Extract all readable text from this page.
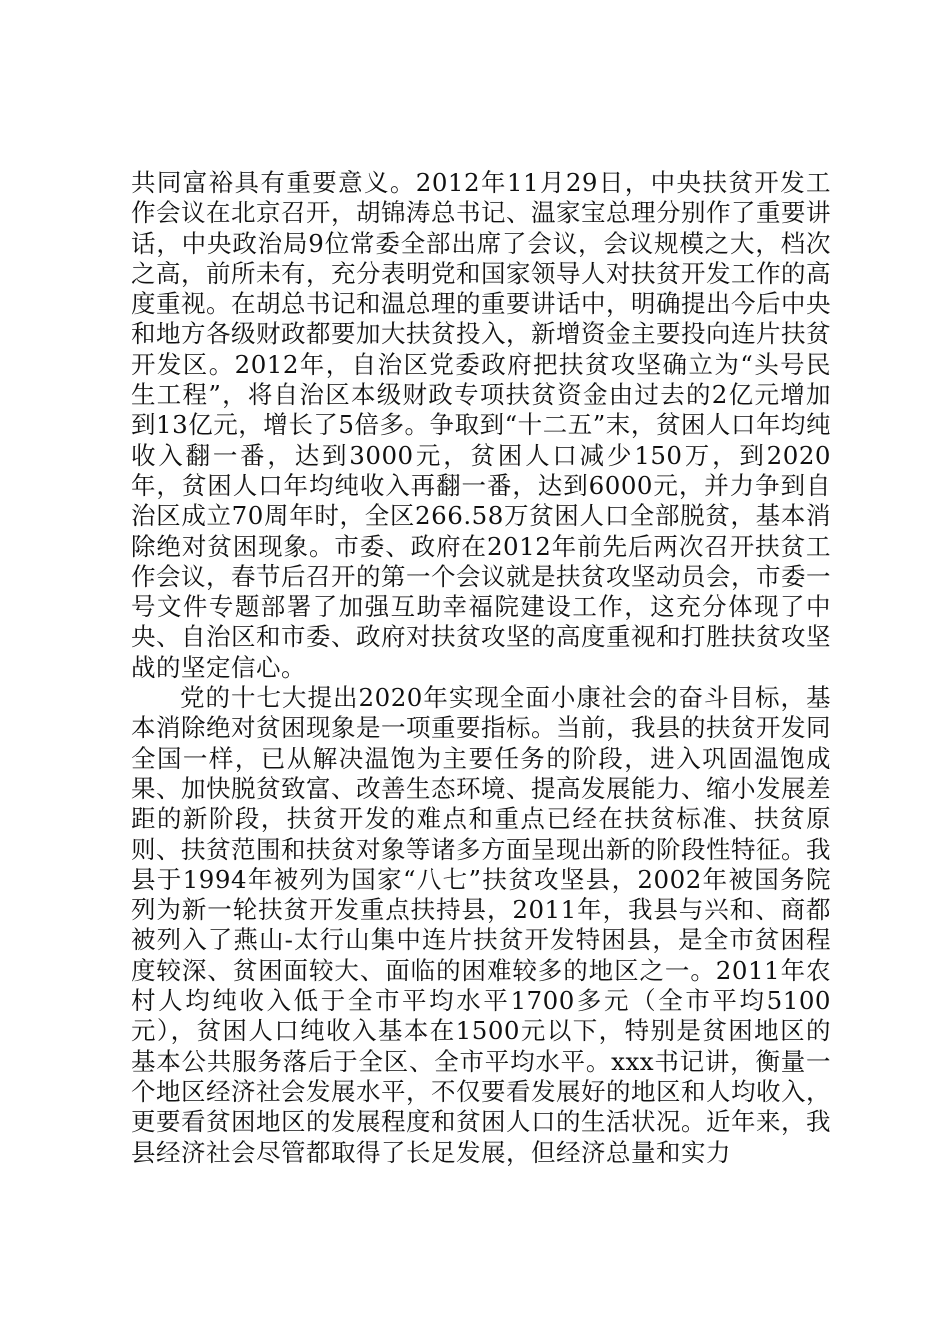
共同富裕具有重要意义。2012年11月29日，中央扶贫开发工作会议在北京召开，胡锦涛总书记、温家宝总理分别作了重要讲话，中央政治局9位常委全部出席了会议，会议规模之大，档次之高，前所未有，充分表明党和国家领导人对扶贫开发工作的高度重视。在胡总书记和温总理的重要讲话中，明确提出今后中央和地方各级财政都要加大扶贫投入，新增资金主要投向连片扶贫开发区。2012年，自治区党委政府把扶贫攻坚确立为“头号民生工程”，将自治区本级财政专项扶贫资金由过去的2亿元增加到13亿元，增长了5倍多。争取到“十二五”末，贫困人口年均纯收入翻一番，达到3000元，贫困人口减少150万，到2020年，贫困人口年均纯收入再翻一番，达到6000元，并力争到自治区成立70周年时，全区266.58万贫困人口全部脱贫，基本消除绝对贫困现象。市委、政府在2012年前先后两次召开扶贫工作会议，春节后召开的第一个会议就是扶贫攻坚动员会，市委一号文件专题部署了加强互助幸福院建设工作，这充分体现了中央、自治区和市委、政府对扶贫攻坚的高度重视和打胜扶贫攻坚战的坚定信心。

党的十七大提出2020年实现全面小康社会的奋斗目标，基本消除绝对贫困现象是一项重要指标。当前，我县的扶贫开发同全国一样，已从解决温饱为主要任务的阶段，进入巩固温饱成果、加快脱贫致富、改善生态环境、提高发展能力、缩小发展差距的新阶段，扶贫开发的难点和重点已经在扶贫标准、扶贫原则、扶贫范围和扶贫对象等诸多方面呈现出新的阶段性特征。我县于1994年被列为国家“八七”扶贫攻坚县，2002年被国务院列为新一轮扶贫开发重点扶持县，2011年，我县与兴和、商都被列入了燕山-太行山集中连片扶贫开发特困县，是全市贫困程度较深、贫困面较大、面临的困难较多的地区之一。2011年农村人均纯收入低于全市平均水平1700多元（全市平均5100元），贫困人口纯收入基本在1500元以下，特别是贫困地区的基本公共服务落后于全区、全市平均水平。xxx书记讲，衡量一个地区经济社会发展水平，不仅要看发展好的地区和人均收入，更要看贫困地区的发展程度和贫困人口的生活状况。近年来，我县经济社会尽管都取得了长足发展，但经济总量和实力
